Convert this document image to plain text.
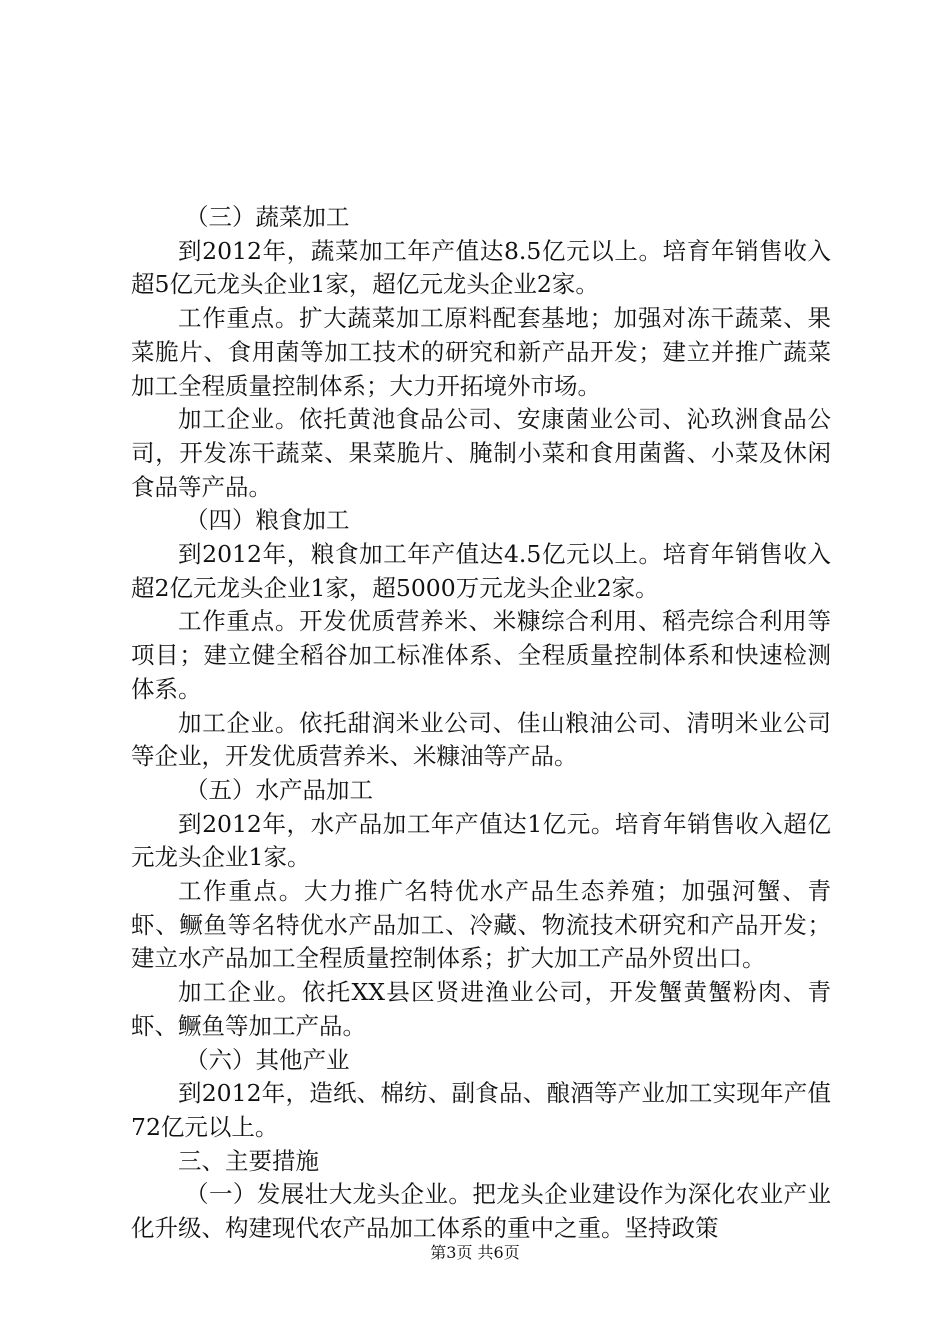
（三）蔬菜加工

到2012年，蔬菜加工年产值达8.5亿元以上。培育年销售收入超5亿元龙头企业1家，超亿元龙头企业2家。

工作重点。扩大蔬菜加工原料配套基地；加强对冻干蔬菜、果菜脆片、食用菌等加工技术的研究和新产品开发；建立并推广蔬菜加工全程质量控制体系；大力开拓境外市场。

加工企业。依托黄池食品公司、安康菌业公司、沁玖洲食品公司，开发冻干蔬菜、果菜脆片、腌制小菜和食用菌酱、小菜及休闲食品等产品。

（四）粮食加工

到2012年，粮食加工年产值达4.5亿元以上。培育年销售收入超2亿元龙头企业1家，超5000万元龙头企业2家。

工作重点。开发优质营养米、米糠综合利用、稻壳综合利用等项目；建立健全稻谷加工标准体系、全程质量控制体系和快速检测体系。

加工企业。依托甜润米业公司、佳山粮油公司、清明米业公司等企业，开发优质营养米、米糠油等产品。

（五）水产品加工

到2012年，水产品加工年产值达1亿元。培育年销售收入超亿元龙头企业1家。

工作重点。大力推广名特优水产品生态养殖；加强河蟹、青虾、鳜鱼等名特优水产品加工、冷藏、物流技术研究和产品开发；建立水产品加工全程质量控制体系；扩大加工产品外贸出口。

加工企业。依托XX县区贤进渔业公司，开发蟹黄蟹粉肉、青虾、鳜鱼等加工产品。

（六）其他产业

到2012年，造纸、棉纺、副食品、酿酒等产业加工实现年产值72亿元以上。

三、主要措施

（一）发展壮大龙头企业。把龙头企业建设作为深化农业产业化升级、构建现代农产品加工体系的重中之重。坚持政策

第3页 共6页
